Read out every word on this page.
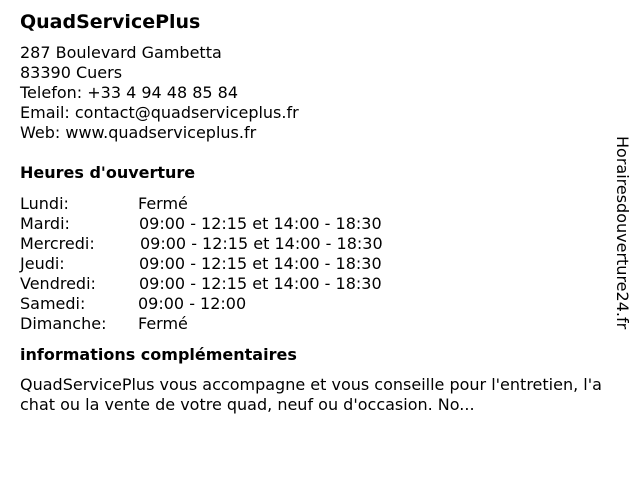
QuadServicePlus
287 Boulevard Gambetta
83390 Cuers
Telefon: +33 4 94 48 85 84
Email: contact@quadserviceplus.fr
Web: www.quadserviceplus.fr
Heures d'ouverture
Lundi:	Fermé
Mardi:	09:00 - 12:15 et 14:00 - 18:30
Mercredi:	09:00 - 12:15 et 14:00 - 18:30
Jeudi:	09:00 - 12:15 et 14:00 - 18:30
Vendredi:	09:00 - 12:15 et 14:00 - 18:30
Samedi:	09:00 - 12:00
Dimanche: Fermé
informations complémentaires
QuadServicePlus vous accompagne et vous conseille pour l'entretien, l'achat ou la vente de votre quad, neuf ou d'occasion. No...
Horairesdouverture24.fr
